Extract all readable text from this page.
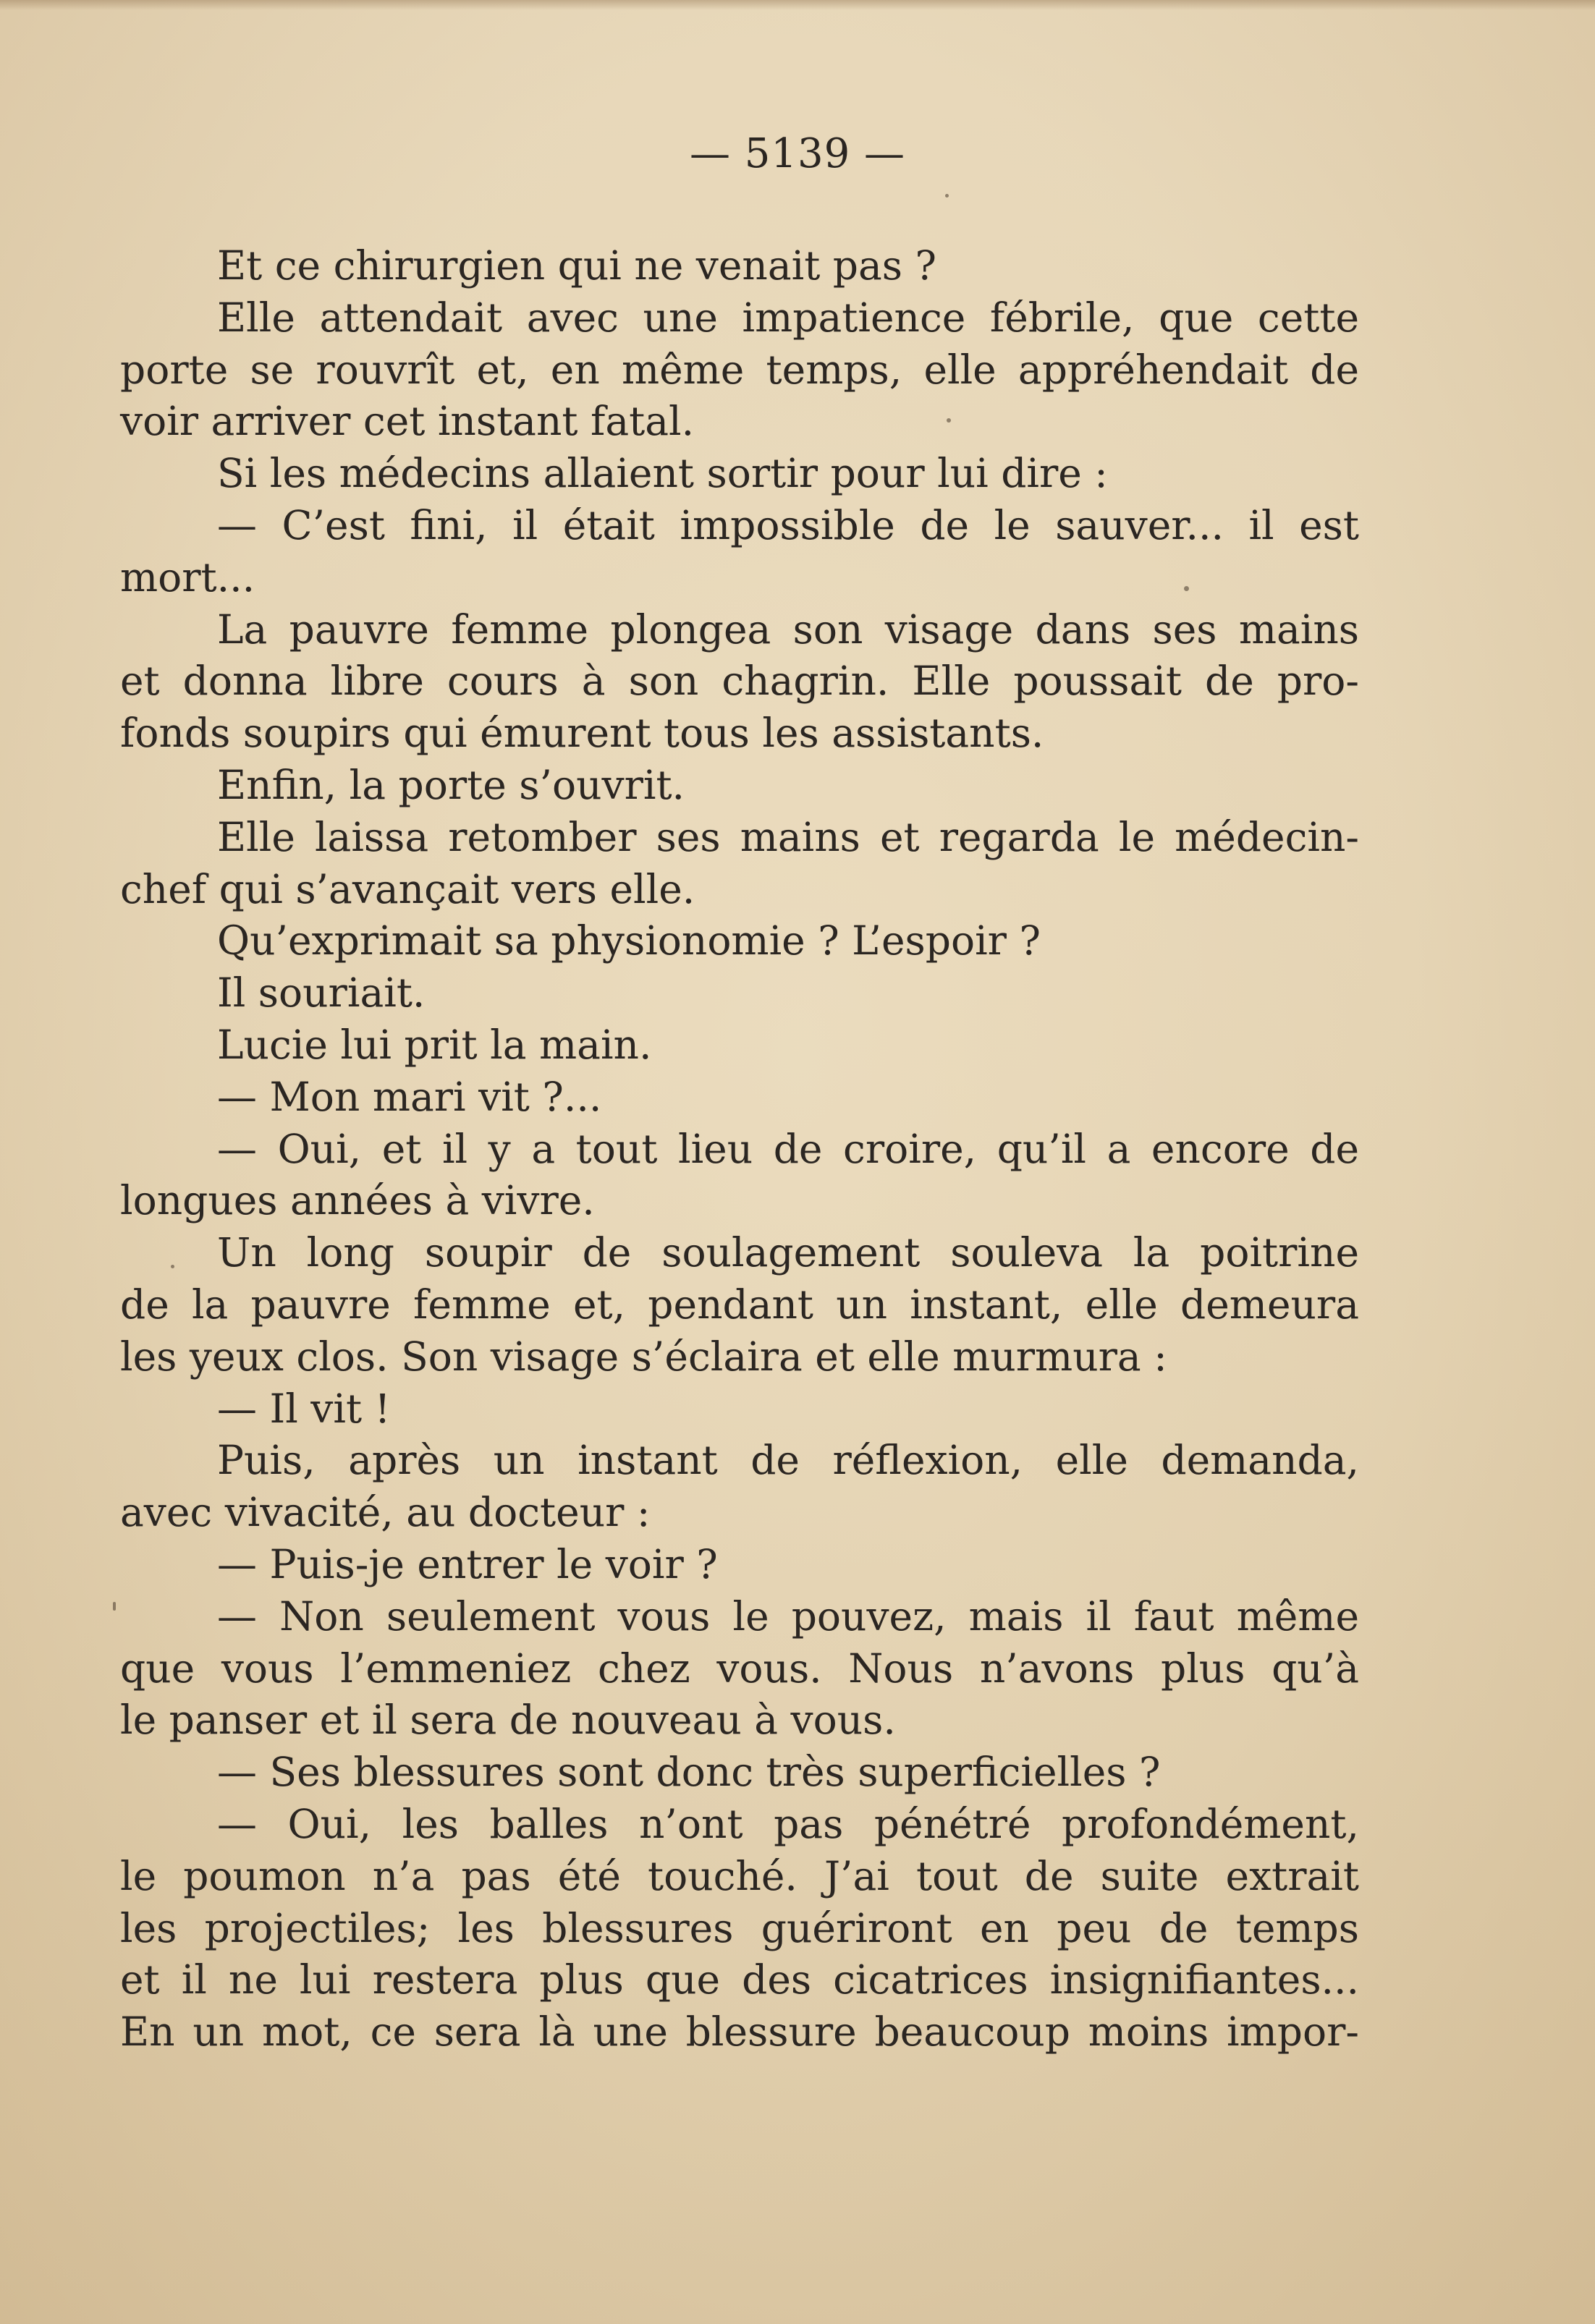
— 5139 —
Et ce chirurgien qui ne venait pas ?
Elle attendait avec une impatience fébrile, que cette
porte se rouvrît et, en même temps, elle appréhendait de
voir arriver cet instant fatal.
Si les médecins allaient sortir pour lui dire :
— C’est fini, il était impossible de le sauver... il est
mort...
La pauvre femme plongea son visage dans ses mains
et donna libre cours à son chagrin. Elle poussait de pro-
fonds soupirs qui émurent tous les assistants.
Enfin, la porte s’ouvrit.
Elle laissa retomber ses mains et regarda le médecin-
chef qui s’avançait vers elle.
Qu’exprimait sa physionomie ? L’espoir ?
Il souriait.
Lucie lui prit la main.
— Mon mari vit ?...
— Oui, et il y a tout lieu de croire, qu’il a encore de
longues années à vivre.
Un long soupir de soulagement souleva la poitrine
de la pauvre femme et, pendant un instant, elle demeura
les yeux clos. Son visage s’éclaira et elle murmura :
— Il vit !
Puis, après un instant de réflexion, elle demanda,
avec vivacité, au docteur :
— Puis-je entrer le voir ?
— Non seulement vous le pouvez, mais il faut même
que vous l’emmeniez chez vous. Nous n’avons plus qu’à
le panser et il sera de nouveau à vous.
— Ses blessures sont donc très superficielles ?
— Oui, les balles n’ont pas pénétré profondément,
le poumon n’a pas été touché. J’ai tout de suite extrait
les projectiles; les blessures guériront en peu de temps
et il ne lui restera plus que des cicatrices insignifiantes...
En un mot, ce sera là une blessure beaucoup moins impor-
